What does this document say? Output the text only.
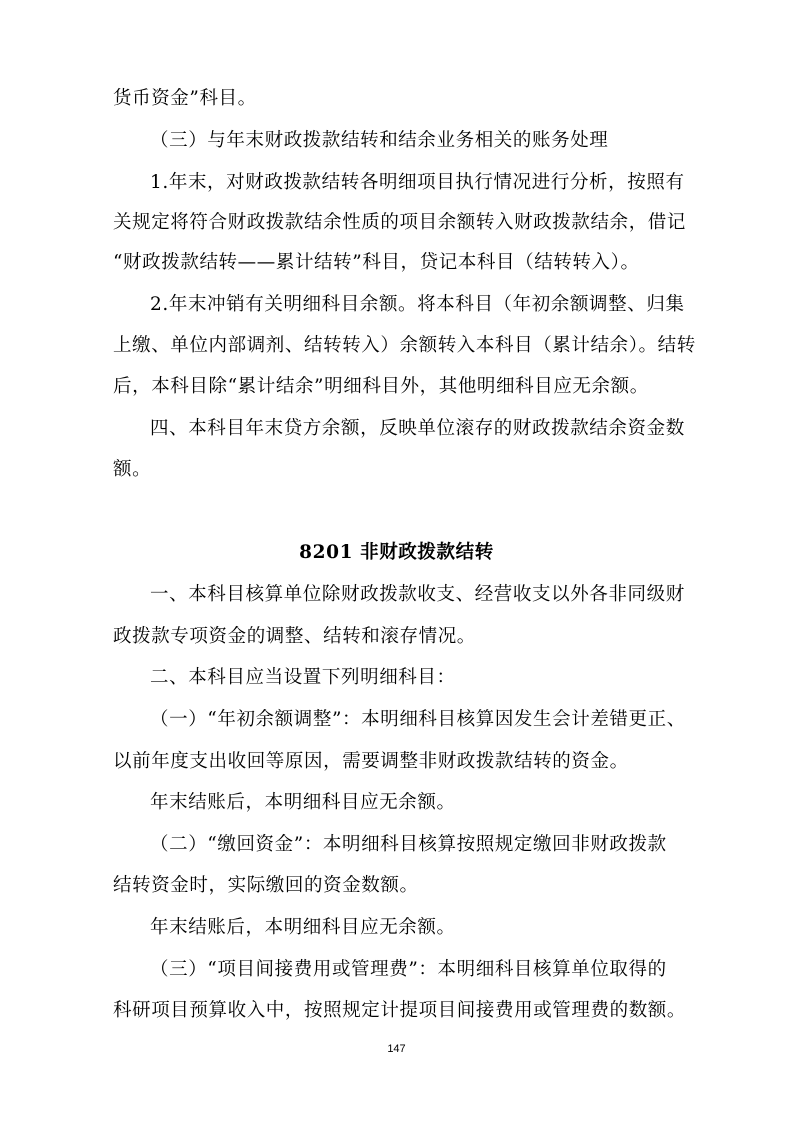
货币资金”科目。
（三）与年末财政拨款结转和结余业务相关的账务处理
1.年末，对财政拨款结转各明细项目执行情况进行分析，按照有
关规定将符合财政拨款结余性质的项目余额转入财政拨款结余，借记
“财政拨款结转——累计结转”科目，贷记本科目（结转转入）。
2.年末冲销有关明细科目余额。将本科目（年初余额调整、归集
上缴、单位内部调剂、结转转入）余额转入本科目（累计结余）。结转
后，本科目除“累计结余”明细科目外，其他明细科目应无余额。
四、本科目年末贷方余额，反映单位滚存的财政拨款结余资金数
额。
8201 非财政拨款结转
一、本科目核算单位除财政拨款收支、经营收支以外各非同级财
政拨款专项资金的调整、结转和滚存情况。
二、本科目应当设置下列明细科目：
（一）“年初余额调整”：本明细科目核算因发生会计差错更正、
以前年度支出收回等原因，需要调整非财政拨款结转的资金。
年末结账后，本明细科目应无余额。
（二）“缴回资金”：本明细科目核算按照规定缴回非财政拨款
结转资金时，实际缴回的资金数额。
年末结账后，本明细科目应无余额。
（三）“项目间接费用或管理费”：本明细科目核算单位取得的
科研项目预算收入中，按照规定计提项目间接费用或管理费的数额。
147
